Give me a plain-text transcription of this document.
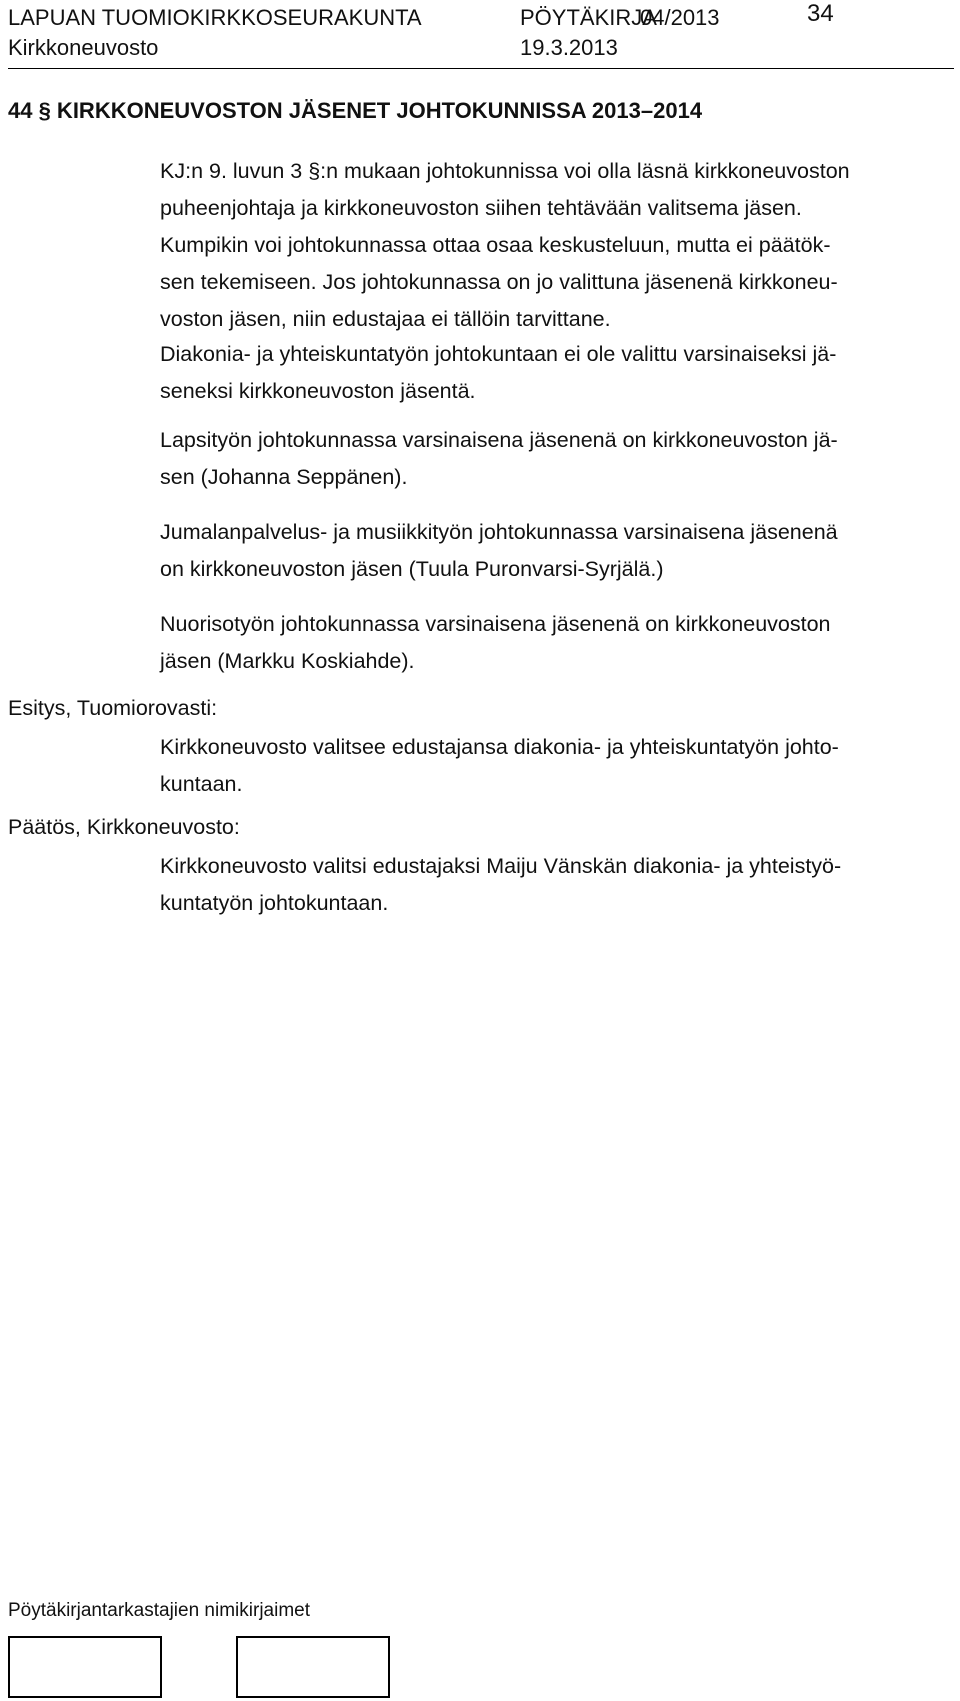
LAPUAN TUOMIOKIRKKOSEURAKUNTA	PÖYTÄKIRJA
04/2013	34
Kirkkoneuvosto	19.3.2013
44 § KIRKKONEUVOSTON JÄSENET JOHTOKUNNISSA 2013–2014
KJ:n 9. luvun 3 §:n mukaan johtokunnissa voi olla läsnä kirkkoneuvoston
puheenjohtaja ja kirkkoneuvoston siihen tehtävään valitsema jäsen.
Kumpikin voi johtokunnassa ottaa osaa keskusteluun, mutta ei päätök-
sen tekemiseen. Jos johtokunnassa on jo valittuna jäsenenä kirkkoneu-
voston jäsen, niin edustajaa ei tällöin tarvittane.
Diakonia- ja yhteiskuntatyön johtokuntaan ei ole valittu varsinaiseksi jä-
seneksi kirkkoneuvoston jäsentä.
Lapsityön johtokunnassa varsinaisena jäsenenä on kirkkoneuvoston jä-
sen (Johanna Seppänen).
Jumalanpalvelus- ja musiikkityön johtokunnassa varsinaisena jäsenenä
on kirkkoneuvoston jäsen (Tuula Puronvarsi-Syrjälä.)
Nuorisotyön johtokunnassa varsinaisena jäsenenä on kirkkoneuvoston
jäsen (Markku Koskiahde).
Esitys, Tuomiorovasti:
Kirkkoneuvosto valitsee edustajansa diakonia- ja yhteiskuntatyön johto-
kuntaan.
Päätös, Kirkkoneuvosto:
Kirkkoneuvosto valitsi edustajaksi Maiju Vänskän diakonia- ja yhteistyö-
kuntatyön johtokuntaan.
Pöytäkirjantarkastajien nimikirjaimet
